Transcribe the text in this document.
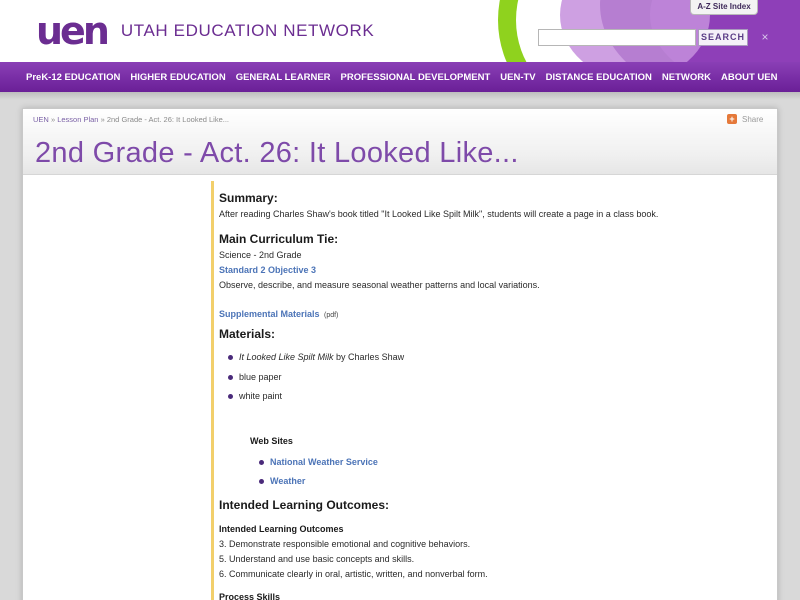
uen UTAH EDUCATION NETWORK
A-Z Site Index
SEARCH ×
PreK-12 EDUCATION HIGHER EDUCATION GENERAL LEARNER PROFESSIONAL DEVELOPMENT UEN-TV DISTANCE EDUCATION NETWORK ABOUT UEN
UEN » Lesson Plan » 2nd Grade - Act. 26: It Looked Like...	+ Share
2nd Grade - Act. 26: It Looked Like...
Summary:
After reading Charles Shaw's book titled "It Looked Like Spilt Milk", students will create a page in a class book.
Main Curriculum Tie:
Science - 2nd Grade
Standard 2 Objective 3
Observe, describe, and measure seasonal weather patterns and local variations.
Supplemental Materials (pdf)
Materials:
It Looked Like Spilt Milk by Charles Shaw
blue paper
white paint
Web Sites
National Weather Service
Weather
Intended Learning Outcomes:
Intended Learning Outcomes
3. Demonstrate responsible emotional and cognitive behaviors.
5. Understand and use basic concepts and skills.
6. Communicate clearly in oral, artistic, written, and nonverbal form.
Process Skills
